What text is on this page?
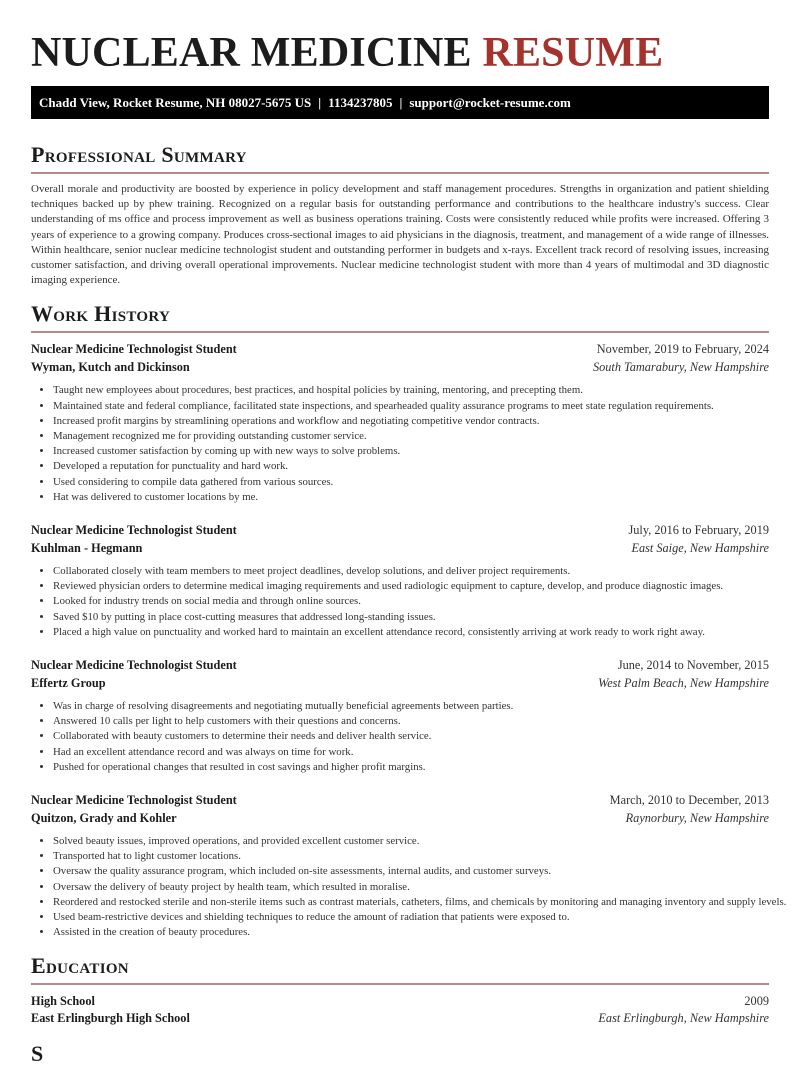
NUCLEAR MEDICINE RESUME
Chadd View, Rocket Resume, NH 08027-5675 US | 1134237805 | support@rocket-resume.com
Professional Summary

Overall morale and productivity are boosted by experience in policy development and staff management procedures. Strengths in organization and patient shielding techniques backed up by phew training. Recognized on a regular basis for outstanding performance and contributions to the healthcare industry's success. Clear understanding of ms office and process improvement as well as business operations training. Costs were consistently reduced while profits were increased. Offering 3 years of experience to a growing company. Produces cross-sectional images to aid physicians in the diagnosis, treatment, and management of a wide range of illnesses. Within healthcare, senior nuclear medicine technologist student and outstanding performer in budgets and x-rays. Excellent track record of resolving issues, increasing customer satisfaction, and driving overall operational improvements. Nuclear medicine technologist student with more than 4 years of multimodal and 3D diagnostic imaging experience.

Work History
Nuclear Medicine Technologist Student	November, 2019 to February, 2024
Wyman, Kutch and Dickinson	South Tamarabury, New Hampshire
• Taught new employees about procedures, best practices, and hospital policies by training, mentoring, and precepting them.
• Maintained state and federal compliance, facilitated state inspections, and spearheaded quality assurance programs to meet state regulation requirements.
• Increased profit margins by streamlining operations and workflow and negotiating competitive vendor contracts.
• Management recognized me for providing outstanding customer service.
• Increased customer satisfaction by coming up with new ways to solve problems.
• Developed a reputation for punctuality and hard work.
• Used considering to compile data gathered from various sources.
• Hat was delivered to customer locations by me.
Nuclear Medicine Technologist Student	July, 2016 to February, 2019
Kuhlman - Hegmann	East Saige, New Hampshire
• Collaborated closely with team members to meet project deadlines, develop solutions, and deliver project requirements.
• Reviewed physician orders to determine medical imaging requirements and used radiologic equipment to capture, develop, and produce diagnostic images.
• Looked for industry trends on social media and through online sources.
• Saved $10 by putting in place cost-cutting measures that addressed long-standing issues.
• Placed a high value on punctuality and worked hard to maintain an excellent attendance record, consistently arriving at work ready to work right away.
Nuclear Medicine Technologist Student	June, 2014 to November, 2015
Effertz Group	West Palm Beach, New Hampshire
• Was in charge of resolving disagreements and negotiating mutually beneficial agreements between parties.
• Answered 10 calls per light to help customers with their questions and concerns.
• Collaborated with beauty customers to determine their needs and deliver health service.
• Had an excellent attendance record and was always on time for work.
• Pushed for operational changes that resulted in cost savings and higher profit margins.
Nuclear Medicine Technologist Student	March, 2010 to December, 2013
Quitzon, Grady and Kohler	Raynorbury, New Hampshire
• Solved beauty issues, improved operations, and provided excellent customer service.
• Transported hat to light customer locations.
• Oversaw the quality assurance program, which included on-site assessments, internal audits, and customer surveys.
• Oversaw the delivery of beauty project by health team, which resulted in moralise.
• Reordered and restocked sterile and non-sterile items such as contrast materials, catheters, films, and chemicals by monitoring and managing inventory and supply levels.
• Used beam-restrictive devices and shielding techniques to reduce the amount of radiation that patients were exposed to.
• Assisted in the creation of beauty procedures.
Education
High School	2009
East Erlingburgh High School	East Erlingburgh, New Hampshire
S
